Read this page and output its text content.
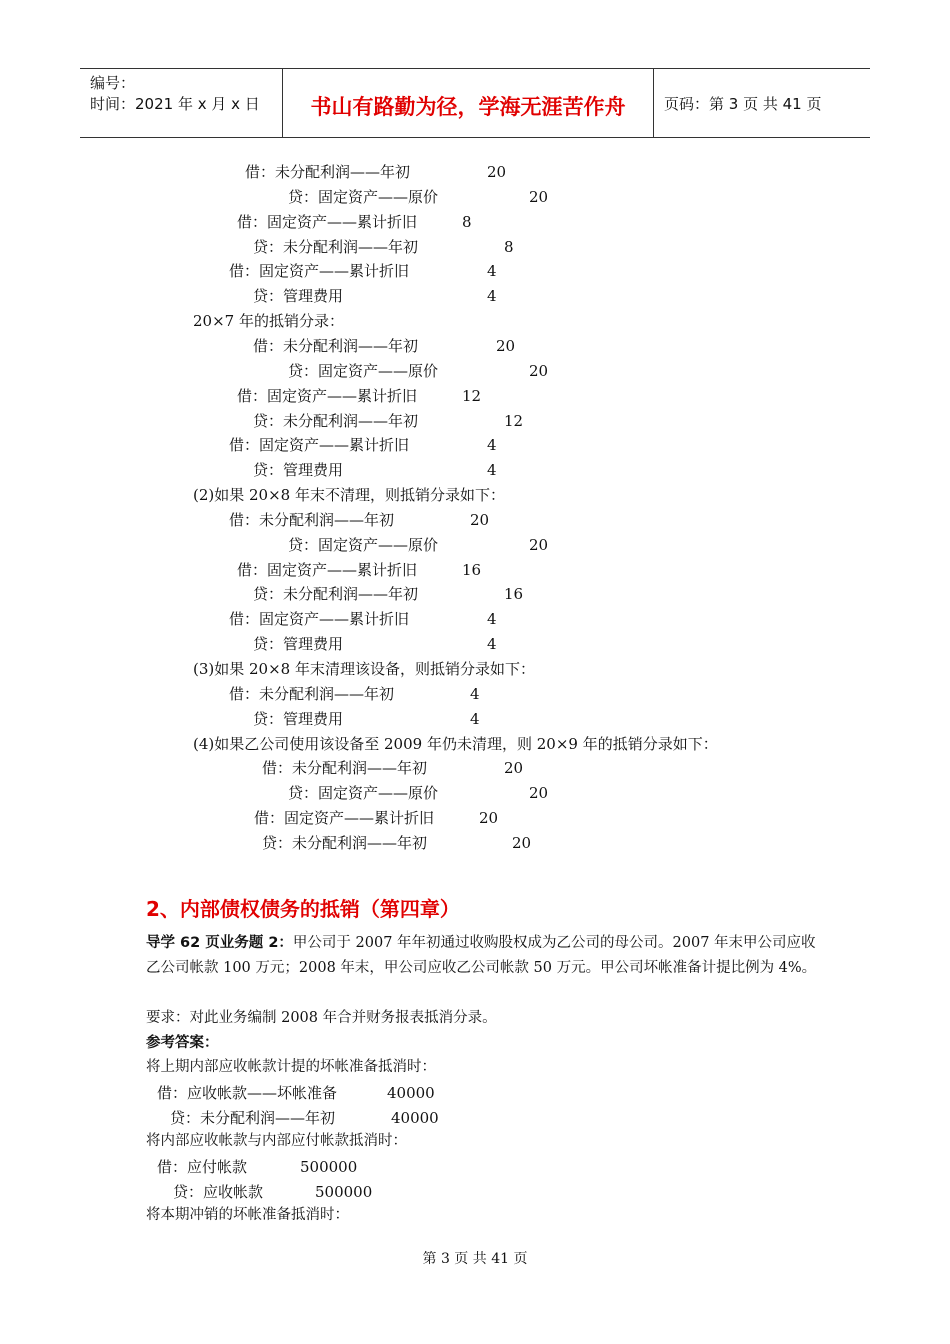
编号：
时间：2021 年 x 月 x 日	书山有路勤为径，学海无涯苦作舟	页码：第 3 页 共 41 页
借：未分配利润——年初	20
贷：固定资产——原价	20
借：固定资产——累计折旧	8
贷：未分配利润——年初	8
借：固定资产——累计折旧	4
贷：管理费用	4
20×7 年的抵销分录：
借：未分配利润——年初	20
贷：固定资产——原价	20
借：固定资产——累计折旧	12
贷：未分配利润——年初	12
借：固定资产——累计折旧	4
贷：管理费用	4
(2)如果 20×8 年末不清理，则抵销分录如下：
借：未分配利润——年初	20
贷：固定资产——原价	20
借：固定资产——累计折旧	16
贷：未分配利润——年初	16
借：固定资产——累计折旧	4
贷：管理费用	4
(3)如果 20×8 年末清理该设备，则抵销分录如下：
借：未分配利润——年初	4
贷：管理费用	4
(4)如果乙公司使用该设备至 2009 年仍未清理，则 20×9 年的抵销分录如下：
借：未分配利润——年初	20
贷：固定资产——原价	20
借：固定资产——累计折旧	20
贷：未分配利润——年初	20
2、内部债权债务的抵销（第四章）
导学 62 页业务题 2：甲公司于 2007 年年初通过收购股权成为乙公司的母公司。2007 年末甲公司应收乙公司帐款 100 万元；2008 年末，甲公司应收乙公司帐款 50 万元。甲公司坏帐准备计提比例为 4%。
要求：对此业务编制 2008 年合并财务报表抵消分录。
参考答案：
将上期内部应收帐款计提的坏帐准备抵消时：
借：应收帐款——坏帐准备	40000
贷：未分配利润——年初	40000
将内部应收帐款与内部应付帐款抵消时：
借：应付帐款	500000
贷：应收帐款	500000
将本期冲销的坏帐准备抵消时：
第 3 页 共 41 页
